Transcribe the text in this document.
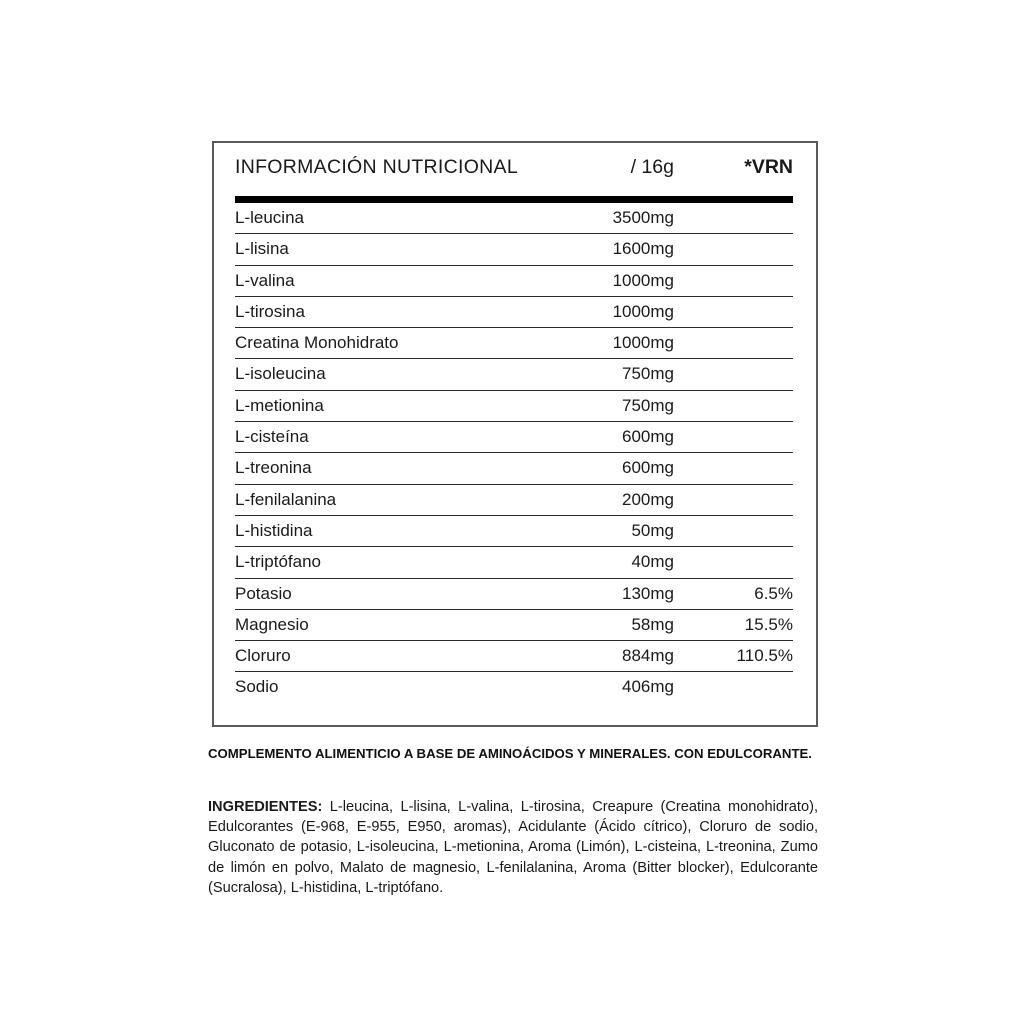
INFORMACIÓN NUTRICIONAL	/ 16g	*VRN
L-leucina	3500mg
L-lisina	1600mg
L-valina	1000mg
L-tirosina	1000mg
Creatina Monohidrato	1000mg
L-isoleucina	750mg
L-metionina	750mg
L-cisteína	600mg
L-treonina	600mg
L-fenilalanina	200mg
L-histidina	50mg
L-triptófano	40mg
Potasio	130mg	6.5%
Magnesio	58mg	15.5%
Cloruro	884mg	110.5%
Sodio	406mg
COMPLEMENTO ALIMENTICIO A BASE DE AMINOÁCIDOS Y MINERALES. CON EDULCORANTE.
INGREDIENTES: L-leucina, L-lisina, L-valina, L-tirosina, Creapure (Creatina monohidrato), Edulcorantes (E-968, E-955, E950, aromas), Acidulante (Ácido cítrico), Cloruro de sodio, Gluconato de potasio, L-isoleucina, L-metionina, Aroma (Limón), L-cisteina, L-treonina, Zumo de limón en polvo, Malato de magnesio, L-fenilalanina, Aroma (Bitter blocker), Edulcorante (Sucralosa), L-histidina, L-triptófano.
